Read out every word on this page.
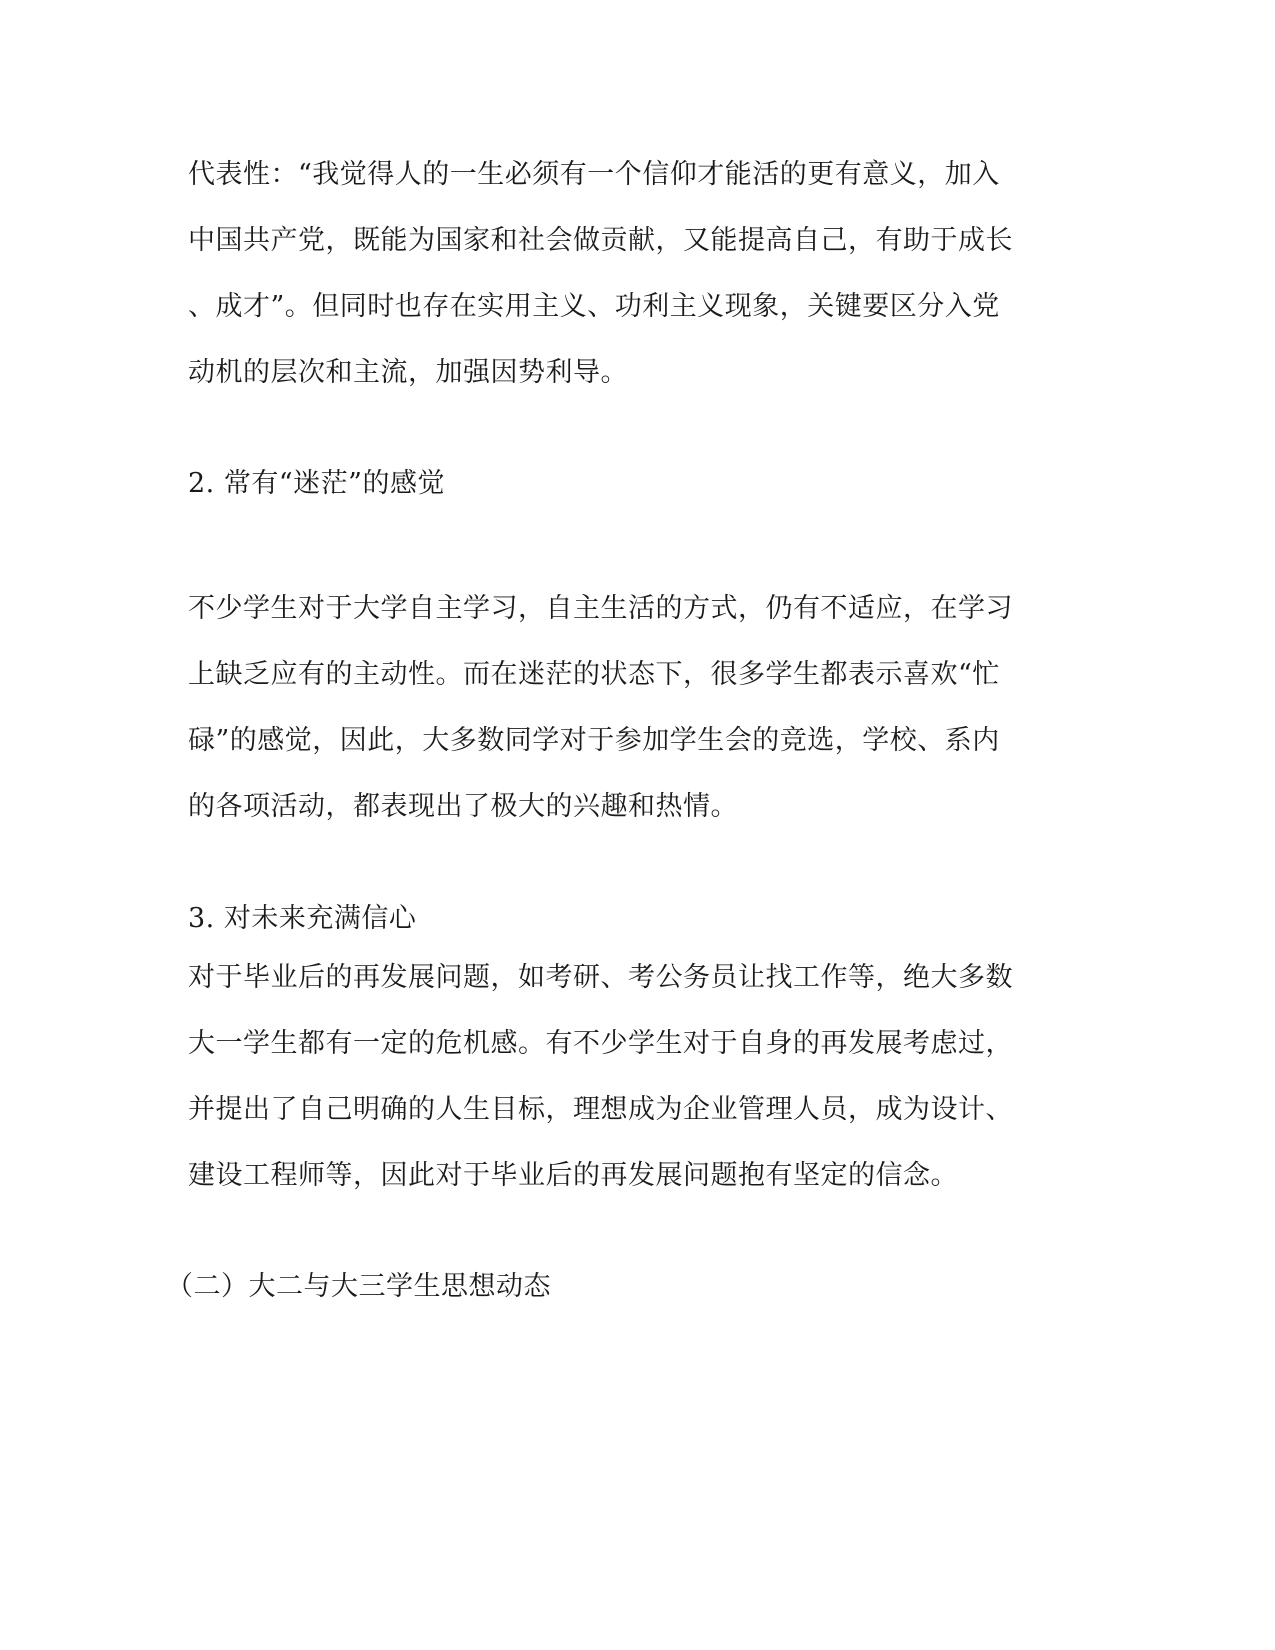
代表性：“我觉得人的一生必须有一个信仰才能活的更有意义，加入
中国共产党，既能为国家和社会做贡献，又能提高自己，有助于成长
、成才”。但同时也存在实用主义、功利主义现象，关键要区分入党
动机的层次和主流，加强因势利导。
2. 常有“迷茫”的感觉
不少学生对于大学自主学习，自主生活的方式，仍有不适应，在学习
上缺乏应有的主动性。而在迷茫的状态下，很多学生都表示喜欢“忙
碌”的感觉，因此，大多数同学对于参加学生会的竞选，学校、系内
的各项活动，都表现出了极大的兴趣和热情。
3. 对未来充满信心
对于毕业后的再发展问题，如考研、考公务员让找工作等，绝大多数
大一学生都有一定的危机感。有不少学生对于自身的再发展考虑过，
并提出了自己明确的人生目标，理想成为企业管理人员，成为设计、
建设工程师等，因此对于毕业后的再发展问题抱有坚定的信念。
（二）大二与大三学生思想动态
